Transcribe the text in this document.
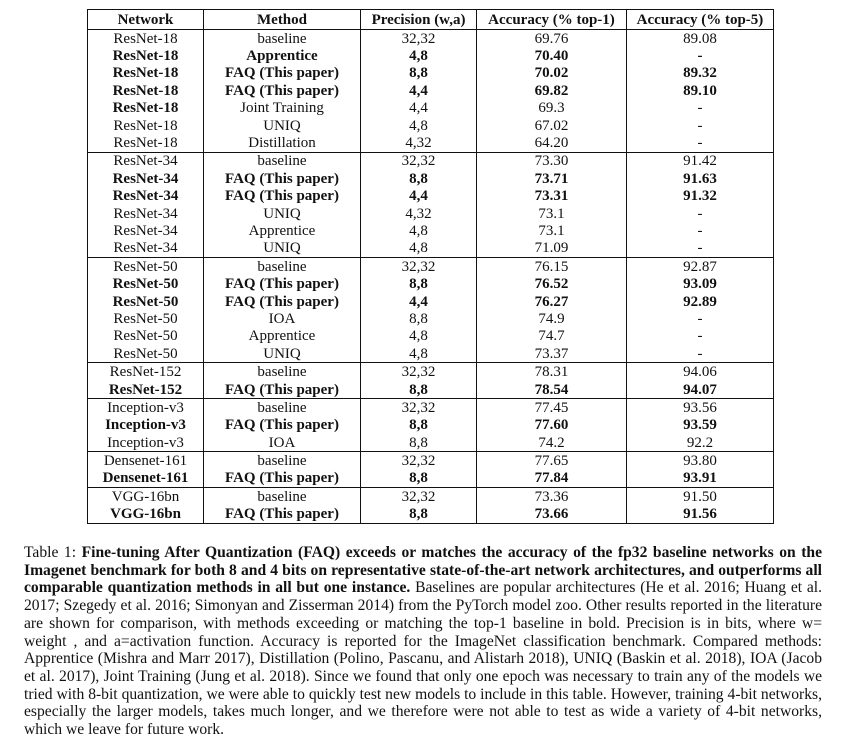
Network	Method	Precision (w,a)	Accuracy (% top-1)	Accuracy (% top-5)
ResNet-18	baseline	32,32	69.76	89.08
ResNet-18	Apprentice	4,8	70.40	-
ResNet-18	FAQ (This paper)	8,8	70.02	89.32
ResNet-18	FAQ (This paper)	4,4	69.82	89.10
ResNet-18	Joint Training	4,4	69.3	-
ResNet-18	UNIQ	4,8	67.02	-
ResNet-18	Distillation	4,32	64.20	-
ResNet-34	baseline	32,32	73.30	91.42
ResNet-34	FAQ (This paper)	8,8	73.71	91.63
ResNet-34	FAQ (This paper)	4,4	73.31	91.32
ResNet-34	UNIQ	4,32	73.1	-
ResNet-34	Apprentice	4,8	73.1	-
ResNet-34	UNIQ	4,8	71.09	-
ResNet-50	baseline	32,32	76.15	92.87
ResNet-50	FAQ (This paper)	8,8	76.52	93.09
ResNet-50	FAQ (This paper)	4,4	76.27	92.89
ResNet-50	IOA	8,8	74.9	-
ResNet-50	Apprentice	4,8	74.7	-
ResNet-50	UNIQ	4,8	73.37	-
ResNet-152	baseline	32,32	78.31	94.06
ResNet-152	FAQ (This paper)	8,8	78.54	94.07
Inception-v3	baseline	32,32	77.45	93.56
Inception-v3	FAQ (This paper)	8,8	77.60	93.59
Inception-v3	IOA	8,8	74.2	92.2
Densenet-161	baseline	32,32	77.65	93.80
Densenet-161	FAQ (This paper)	8,8	77.84	93.91
VGG-16bn	baseline	32,32	73.36	91.50
VGG-16bn	FAQ (This paper)	8,8	73.66	91.56

Table 1: Fine-tuning After Quantization (FAQ) exceeds or matches the accuracy of the fp32 baseline networks on the Imagenet benchmark for both 8 and 4 bits on representative state-of-the-art network architectures, and outperforms all comparable quantization methods in all but one instance. Baselines are popular architectures (He et al. 2016; Huang et al. 2017; Szegedy et al. 2016; Simonyan and Zisserman 2014) from the PyTorch model zoo. Other results reported in the literature are shown for comparison, with methods exceeding or matching the top-1 baseline in bold. Precision is in bits, where w= weight , and a=activation function. Accuracy is reported for the ImageNet classification benchmark. Compared methods: Apprentice (Mishra and Marr 2017), Distillation (Polino, Pascanu, and Alistarh 2018), UNIQ (Baskin et al. 2018), IOA (Jacob et al. 2017), Joint Training (Jung et al. 2018). Since we found that only one epoch was necessary to train any of the models we tried with 8-bit quantization, we were able to quickly test new models to include in this table. However, training 4-bit networks, especially the larger models, takes much longer, and we therefore were not able to test as wide a variety of 4-bit networks, which we leave for future work.
